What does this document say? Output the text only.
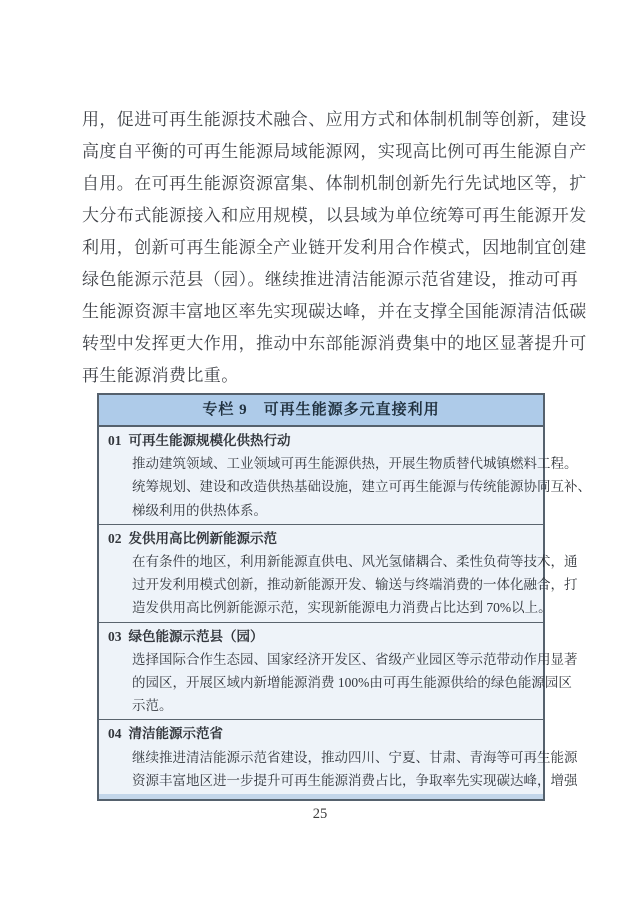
用，促进可再生能源技术融合、应用方式和体制机制等创新，建设
高度自平衡的可再生能源局域能源网，实现高比例可再生能源自产
自用。在可再生能源资源富集、体制机制创新先行先试地区等，扩
大分布式能源接入和应用规模，以县域为单位统筹可再生能源开发
利用，创新可再生能源全产业链开发利用合作模式，因地制宜创建
绿色能源示范县（园）。继续推进清洁能源示范省建设，推动可再
生能源资源丰富地区率先实现碳达峰，并在支撑全国能源清洁低碳
转型中发挥更大作用，推动中东部能源消费集中的地区显著提升可
再生能源消费比重。
专栏 9　可再生能源多元直接利用
01 可再生能源规模化供热行动
推动建筑领域、工业领域可再生能源供热，开展生物质替代城镇燃料工程。
统筹规划、建设和改造供热基础设施，建立可再生能源与传统能源协同互补、
梯级利用的供热体系。
02 发供用高比例新能源示范
在有条件的地区，利用新能源直供电、风光氢储耦合、柔性负荷等技术，通
过开发利用模式创新，推动新能源开发、输送与终端消费的一体化融合，打
造发供用高比例新能源示范，实现新能源电力消费占比达到 70%以上。
03 绿色能源示范县（园）
选择国际合作生态园、国家经济开发区、省级产业园区等示范带动作用显著
的园区，开展区域内新增能源消费 100%由可再生能源供给的绿色能源园区
示范。
04 清洁能源示范省
继续推进清洁能源示范省建设，推动四川、宁夏、甘肃、青海等可再生能源
资源丰富地区进一步提升可再生能源消费占比，争取率先实现碳达峰，增强
25
